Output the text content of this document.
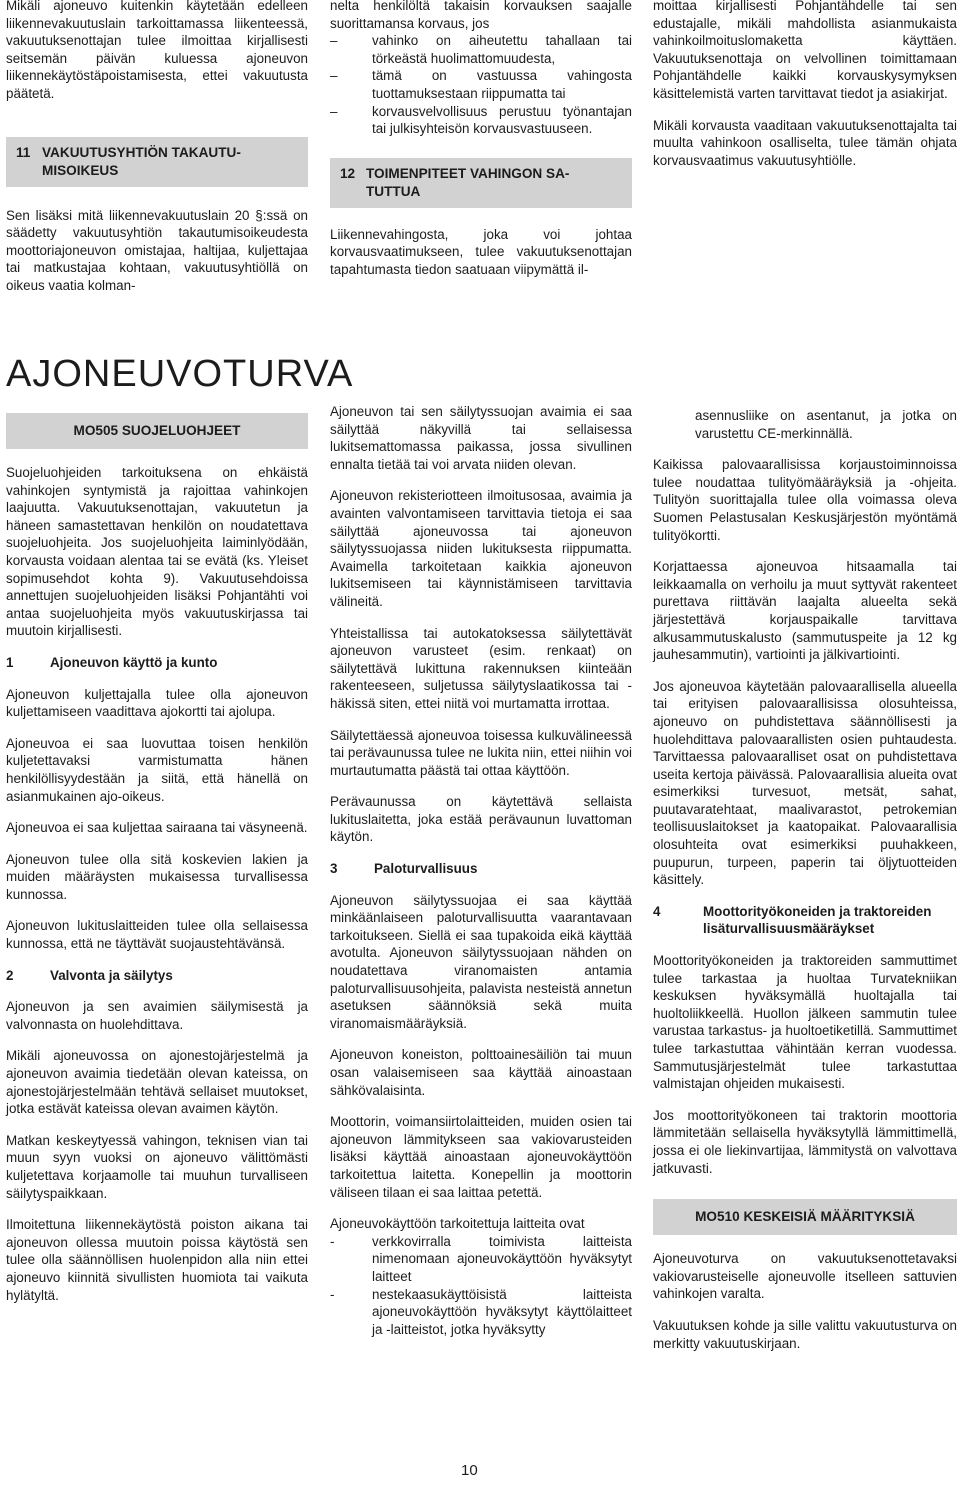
Mikäli ajoneuvo kuitenkin käytetään edelleen liikennevakuutuslain tarkoittamassa liikenteessä, vakuutuksenottajan tulee ilmoittaa kirjallisesti seitsemän päivän kuluessa ajoneuvon liikennekäytöstäpoistamisesta, ettei vakuutusta päätetä.

11 VAKUUTUSYHTIÖN TAKAUTU-
MISOIKEUS

Sen lisäksi mitä liikennevakuutuslain 20 §:ssä on säädetty vakuutusyhtiön takautumisoikeudesta moottoriajoneuvon omistajaa, haltijaa, kuljettajaa tai matkustajaa kohtaan, vakuutusyhtiöllä on oikeus vaatia kolman-

nelta henkilöltä takaisin korvauksen saajalle suorittamansa korvaus, jos

–	vahinko on aiheutettu tahallaan tai törkeästä huolimattomuudesta,
–	tämä on vastuussa vahingosta tuottamuksestaan riippumatta tai
–	korvausvelvollisuus perustuu työnantajan tai julkisyhteisön korvausvastuuseen.
12 TOIMENPITEET VAHINGON SA-
TUTTUA

Liikennevahingosta, joka voi johtaa korvausvaatimukseen, tulee vakuutuksenottajan tapahtumasta tiedon saatuaan viipymättä il-

moittaa kirjallisesti Pohjantähdelle tai sen edustajalle, mikäli mahdollista asianmukaista vahinkoilmoituslomaketta käyttäen. Vakuutuksenottaja on velvollinen toimittamaan Pohjantähdelle kaikki korvauskysymyksen käsittelemistä varten tarvittavat tiedot ja asiakirjat.

Mikäli korvausta vaaditaan vakuutuksenottajalta tai muulta vahinkoon osalliselta, tulee tämän ohjata korvausvaatimus vakuutusyhtiölle.

AJONEUVOTURVA
MO505 SUOJELUOHJEET

Suojeluohjeiden tarkoituksena on ehkäistä vahinkojen syntymistä ja rajoittaa vahinkojen laajuutta. Vakuutuksenottajan, vakuutetun ja häneen samastettavan henkilön on noudatettava suojeluohjeita. Jos suojeluohjeita laiminlyödään, korvausta voidaan alentaa tai se evätä (ks. Yleiset sopimusehdot kohta 9). Vakuutusehdoissa annettujen suojeluohjeiden lisäksi Pohjantähti voi antaa suojeluohjeita myös vakuutuskirjassa tai muutoin kirjallisesti.

1	Ajoneuvon käyttö ja kunto

Ajoneuvon kuljettajalla tulee olla ajoneuvon kuljettamiseen vaadittava ajokortti tai ajolupa.

Ajoneuvoa ei saa luovuttaa toisen henkilön kuljetettavaksi varmistumatta hänen henkilöllisyydestään ja siitä, että hänellä on asianmukainen ajo-oikeus.

Ajoneuvoa ei saa kuljettaa sairaana tai väsyneenä.

Ajoneuvon tulee olla sitä koskevien lakien ja muiden määräysten mukaisessa turvallisessa kunnossa.

Ajoneuvon lukituslaitteiden tulee olla sellaisessa kunnossa, että ne täyttävät suojaustehtävänsä.

2	Valvonta ja säilytys

Ajoneuvon ja sen avaimien säilymisestä ja valvonnasta on huolehdittava.

Mikäli ajoneuvossa on ajonestojärjestelmä ja ajoneuvon avaimia tiedetään olevan kateissa, on ajonestojärjestelmään tehtävä sellaiset muutokset, jotka estävät kateissa olevan avaimen käytön.

Matkan keskeytyessä vahingon, teknisen vian tai muun syyn vuoksi on ajoneuvo välittömästi kuljetettava korjaamolle tai muuhun turvalliseen säilytyspaikkaan.

Ilmoitettuna liikennekäytöstä poiston aikana tai ajoneuvon ollessa muutoin poissa käytöstä sen tulee olla säännöllisen huolenpidon alla niin ettei ajoneuvo kiinnitä sivullisten huomiota tai vaikuta hylätyltä.

Ajoneuvon tai sen säilytyssuojan avaimia ei saa säilyttää näkyvillä tai sellaisessa lukitsemattomassa paikassa, jossa sivullinen ennalta tietää tai voi arvata niiden olevan.

Ajoneuvon rekisteriotteen ilmoitusosaa, avaimia ja avainten valvontamiseen tarvittavia tietoja ei saa säilyttää ajoneuvossa tai ajoneuvon säilytyssuojassa niiden lukituksesta riippumatta. Avaimella tarkoitetaan kaikkia ajoneuvon lukitsemiseen tai käynnistämiseen tarvittavia välineitä.

Yhteistallissa tai autokatoksessa säilytettävät ajoneuvon varusteet (esim. renkaat) on säilytettävä lukittuna rakennuksen kiinteään rakenteeseen, suljetussa säilytyslaatikossa tai -häkissä siten, ettei niitä voi murtamatta irrottaa.

Säilytettäessä ajoneuvoa toisessa kulkuvälineessä tai perävaunussa tulee ne lukita niin, ettei niihin voi murtautumatta päästä tai ottaa käyttöön.

Perävaunussa on käytettävä sellaista lukituslaitetta, joka estää perävaunun luvattoman käytön.

3	Paloturvallisuus

Ajoneuvon säilytyssuojaa ei saa käyttää minkäänlaiseen paloturvallisuutta vaarantavaan tarkoitukseen. Siellä ei saa tupakoida eikä käyttää avotulta. Ajoneuvon säilytyssuojaan nähden on noudatettava viranomaisten antamia paloturvallisuusohjeita, palavista nesteistä annetun asetuksen säännöksiä sekä muita viranomaismääräyksiä.

Ajoneuvon koneiston, polttoainesäiliön tai muun osan valaisemiseen saa käyttää ainoastaan sähkövalaisinta.

Moottorin, voimansiirtolaitteiden, muiden osien tai ajoneuvon lämmitykseen saa vakiovarusteiden lisäksi käyttää ainoastaan ajoneuvokäyttöön tarkoitettua laitetta. Konepellin ja moottorin väliseen tilaan ei saa laittaa petettä.

Ajoneuvokäyttöön tarkoitettuja laitteita ovat

-	verkkovirralla toimivista laitteista nimenomaan ajoneuvokäyttöön hyväksytyt laitteet
-	nestekaasukäyttöisistä laitteista ajoneuvokäyttöön hyväksytyt käyttölaitteet ja -laitteistot, jotka hyväksytty

asennusliike on asentanut, ja jotka on varustettu CE-merkinnällä.

Kaikissa palovaarallisissa korjaustoiminnoissa tulee noudattaa tulityömääräyksiä ja -ohjeita. Tulityön suorittajalla tulee olla voimassa oleva Suomen Pelastusalan Keskusjärjestön myöntämä tulityökortti.

Korjattaessa ajoneuvoa hitsaamalla tai leikkaamalla on verhoilu ja muut syttyvät rakenteet purettava riittävän laajalta alueelta sekä järjestettävä korjauspaikalle tarvittava alkusammutuskalusto (sammutuspeite ja 12 kg jauhesammutin), vartiointi ja jälkivartiointi.

Jos ajoneuvoa käytetään palovaarallisella alueella tai erityisen palovaarallisissa olosuhteissa, ajoneuvo on puhdistettava säännöllisesti ja huolehdittava palovaarallisten osien puhtaudesta. Tarvittaessa palovaaralliset osat on puhdistettava useita kertoja päivässä. Palovaarallisia alueita ovat esimerkiksi turvesuot, metsät, sahat, puutavaratehtaat, maalivarastot, petrokemian teollisuuslaitokset ja kaatopaikat. Palovaarallisia olosuhteita ovat esimerkiksi puuhakkeen, puupurun, turpeen, paperin tai öljytuotteiden käsittely.

4	Moottorityökoneiden ja traktoreiden lisäturvallisuusmääräykset

Moottorityökoneiden ja traktoreiden sammuttimet tulee tarkastaa ja huoltaa Turvatekniikan keskuksen hyväksymällä huoltajalla tai huoltoliikkeellä. Huollon jälkeen sammutin tulee varustaa tarkastus- ja huoltoetiketillä. Sammuttimet tulee tarkastuttaa vähintään kerran vuodessa. Sammutusjärjestelmät tulee tarkastuttaa valmistajan ohjeiden mukaisesti.

Jos moottorityökoneen tai traktorin moottoria lämmitetään sellaisella hyväksytyllä lämmittimellä, jossa ei ole liekinvartijaa, lämmitystä on valvottava jatkuvasti.

MO510 KESKEISIÄ MÄÄRITYKSIÄ

Ajoneuvoturva on vakuutuksenottetavaksi vakiovarusteiselle ajoneuvolle itselleen sattuvien vahinkojen varalta.

Vakuutuksen kohde ja sille valittu vakuutusturva on merkitty vakuutuskirjaan.

10
